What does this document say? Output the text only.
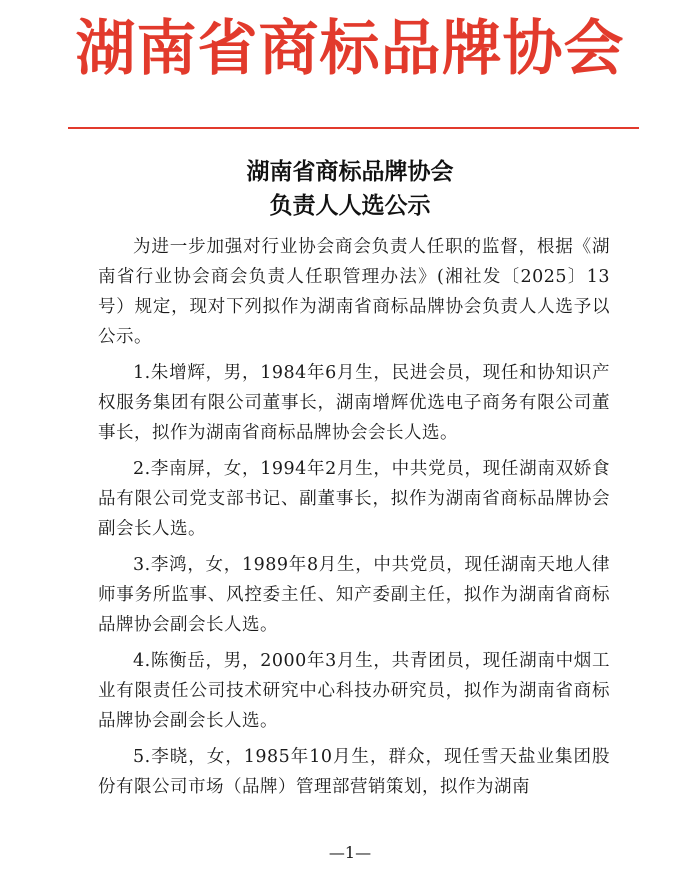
湖南省商标品牌协会
湖南省商标品牌协会
负责人人选公示

为进一步加强对行业协会商会负责人任职的监督，根据《湖南省行业协会商会负责人任职管理办法》(湘社发〔2025〕13号）规定，现对下列拟作为湖南省商标品牌协会负责人人选予以公示。

1.朱增辉，男，1984年6月生，民进会员，现任和协知识产权服务集团有限公司董事长，湖南增辉优选电子商务有限公司董事长，拟作为湖南省商标品牌协会会长人选。

2.李南屏，女，1994年2月生，中共党员，现任湖南双娇食品有限公司党支部书记、副董事长，拟作为湖南省商标品牌协会副会长人选。

3.李鸿，女，1989年8月生，中共党员，现任湖南天地人律师事务所监事、风控委主任、知产委副主任，拟作为湖南省商标品牌协会副会长人选。

4.陈衡岳，男，2000年3月生，共青团员，现任湖南中烟工业有限责任公司技术研究中心科技办研究员，拟作为湖南省商标品牌协会副会长人选。

5.李晓，女，1985年10月生，群众，现任雪天盐业集团股份有限公司市场（品牌）管理部营销策划，拟作为湖南

—1—
